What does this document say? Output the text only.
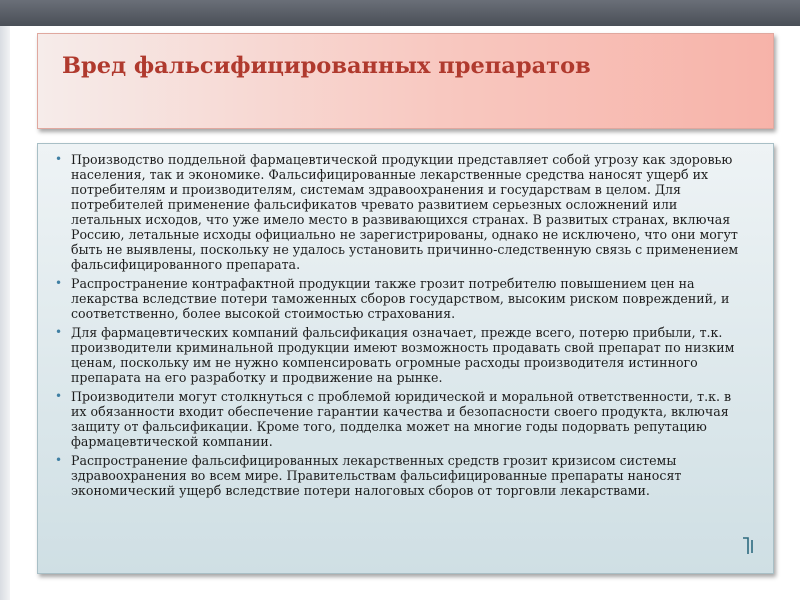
Вред фальсифицированных препаратов
• Производство поддельной фармацевтической продукции представляет собой угрозу как здоровью населения, так и экономике. Фальсифицированные лекарственные средства наносят ущерб их потребителям и производителям, системам здравоохранения и государствам в целом. Для потребителей применение фальсификатов чревато развитием серьезных осложнений или летальных исходов, что уже имело место в развивающихся странах. В развитых странах, включая Россию, летальные исходы официально не зарегистрированы, однако не исключено, что они могут быть не выявлены, поскольку не удалось установить причинно-следственную связь с применением фальсифицированного препарата.
• Распространение контрафактной продукции также грозит потребителю повышением цен на лекарства вследствие потери таможенных сборов государством, высоким риском повреждений, и соответственно, более высокой стоимостью страхования.
• Для фармацевтических компаний фальсификация означает, прежде всего, потерю прибыли, т.к. производители криминальной продукции имеют возможность продавать свой препарат по низким ценам, поскольку им не нужно компенсировать огромные расходы производителя истинного препарата на его разработку и продвижение на рынке.
• Производители могут столкнуться с проблемой юридической и моральной ответственности, т.к. в их обязанности входит обеспечение гарантии качества и безопасности своего продукта, включая защиту от фальсификации. Кроме того, подделка может на многие годы подорвать репутацию фармацевтической компании.
• Распространение фальсифицированных лекарственных средств грозит кризисом системы здравоохранения во всем мире. Правительствам фальсифицированные препараты наносят экономический ущерб вследствие потери налоговых сборов от торговли лекарствами.
